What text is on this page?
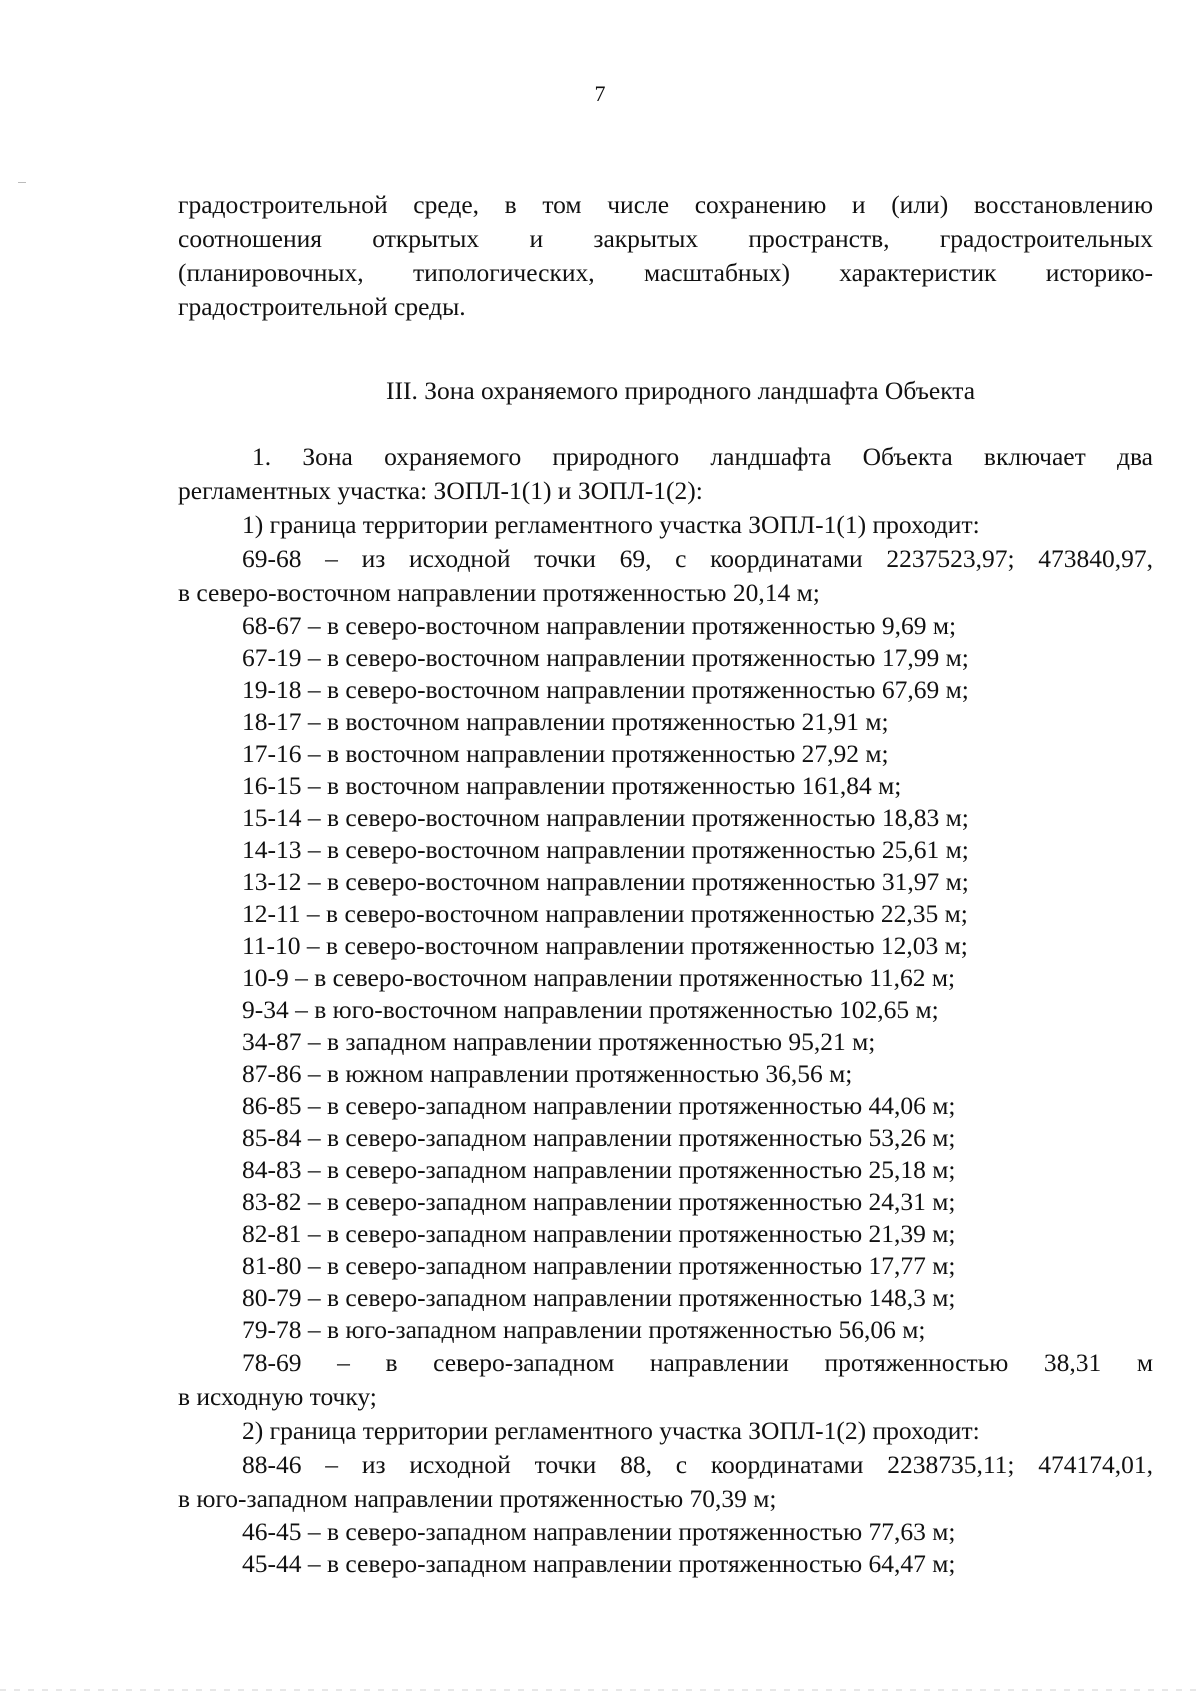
7

градостроительной среде, в том числе сохранению и (или) восстановлению

соотношения открытых и закрытых пространств, градостроительных

(планировочных, типологических, масштабных) характеристик историко-

градостроительной среды.

III. Зона охраняемого природного ландшафта Объекта

1. Зона охраняемого природного ландшафта Объекта включает два

регламентных участка: ЗОПЛ-1(1) и ЗОПЛ-1(2):

1) граница территории регламентного участка ЗОПЛ-1(1) проходит:

69-68 – из исходной точки 69, с координатами 2237523,97; 473840,97,

в северо-восточном направлении протяженностью 20,14 м;

68-67 – в северо-восточном направлении протяженностью 9,69 м;
67-19 – в северо-восточном направлении протяженностью 17,99 м;
19-18 – в северо-восточном направлении протяженностью 67,69 м;
18-17 – в восточном направлении протяженностью 21,91 м;
17-16 – в восточном направлении протяженностью 27,92 м;
16-15 – в восточном направлении протяженностью 161,84 м;
15-14 – в северо-восточном направлении протяженностью 18,83 м;
14-13 – в северо-восточном направлении протяженностью 25,61 м;
13-12 – в северо-восточном направлении протяженностью 31,97 м;
12-11 – в северо-восточном направлении протяженностью 22,35 м;
11-10 – в северо-восточном направлении протяженностью 12,03 м;
10-9 – в северо-восточном направлении протяженностью 11,62 м;
9-34 – в юго-восточном направлении протяженностью 102,65 м;
34-87 – в западном направлении протяженностью 95,21 м;
87-86 – в южном направлении протяженностью 36,56 м;
86-85 – в северо-западном направлении протяженностью 44,06 м;
85-84 – в северо-западном направлении протяженностью 53,26 м;
84-83 – в северо-западном направлении протяженностью 25,18 м;
83-82 – в северо-западном направлении протяженностью 24,31 м;
82-81 – в северо-западном направлении протяженностью 21,39 м;
81-80 – в северо-западном направлении протяженностью 17,77 м;
80-79 – в северо-западном направлении протяженностью 148,3 м;
79-78 – в юго-западном направлении протяженностью 56,06 м;

78-69 – в северо-западном направлении протяженностью 38,31 м

в исходную точку;

2) граница территории регламентного участка ЗОПЛ-1(2) проходит:

88-46 – из исходной точки 88, с координатами 2238735,11; 474174,01,

в юго-западном направлении протяженностью 70,39 м;

46-45 – в северо-западном направлении протяженностью 77,63 м;
45-44 – в северо-западном направлении протяженностью 64,47 м;
